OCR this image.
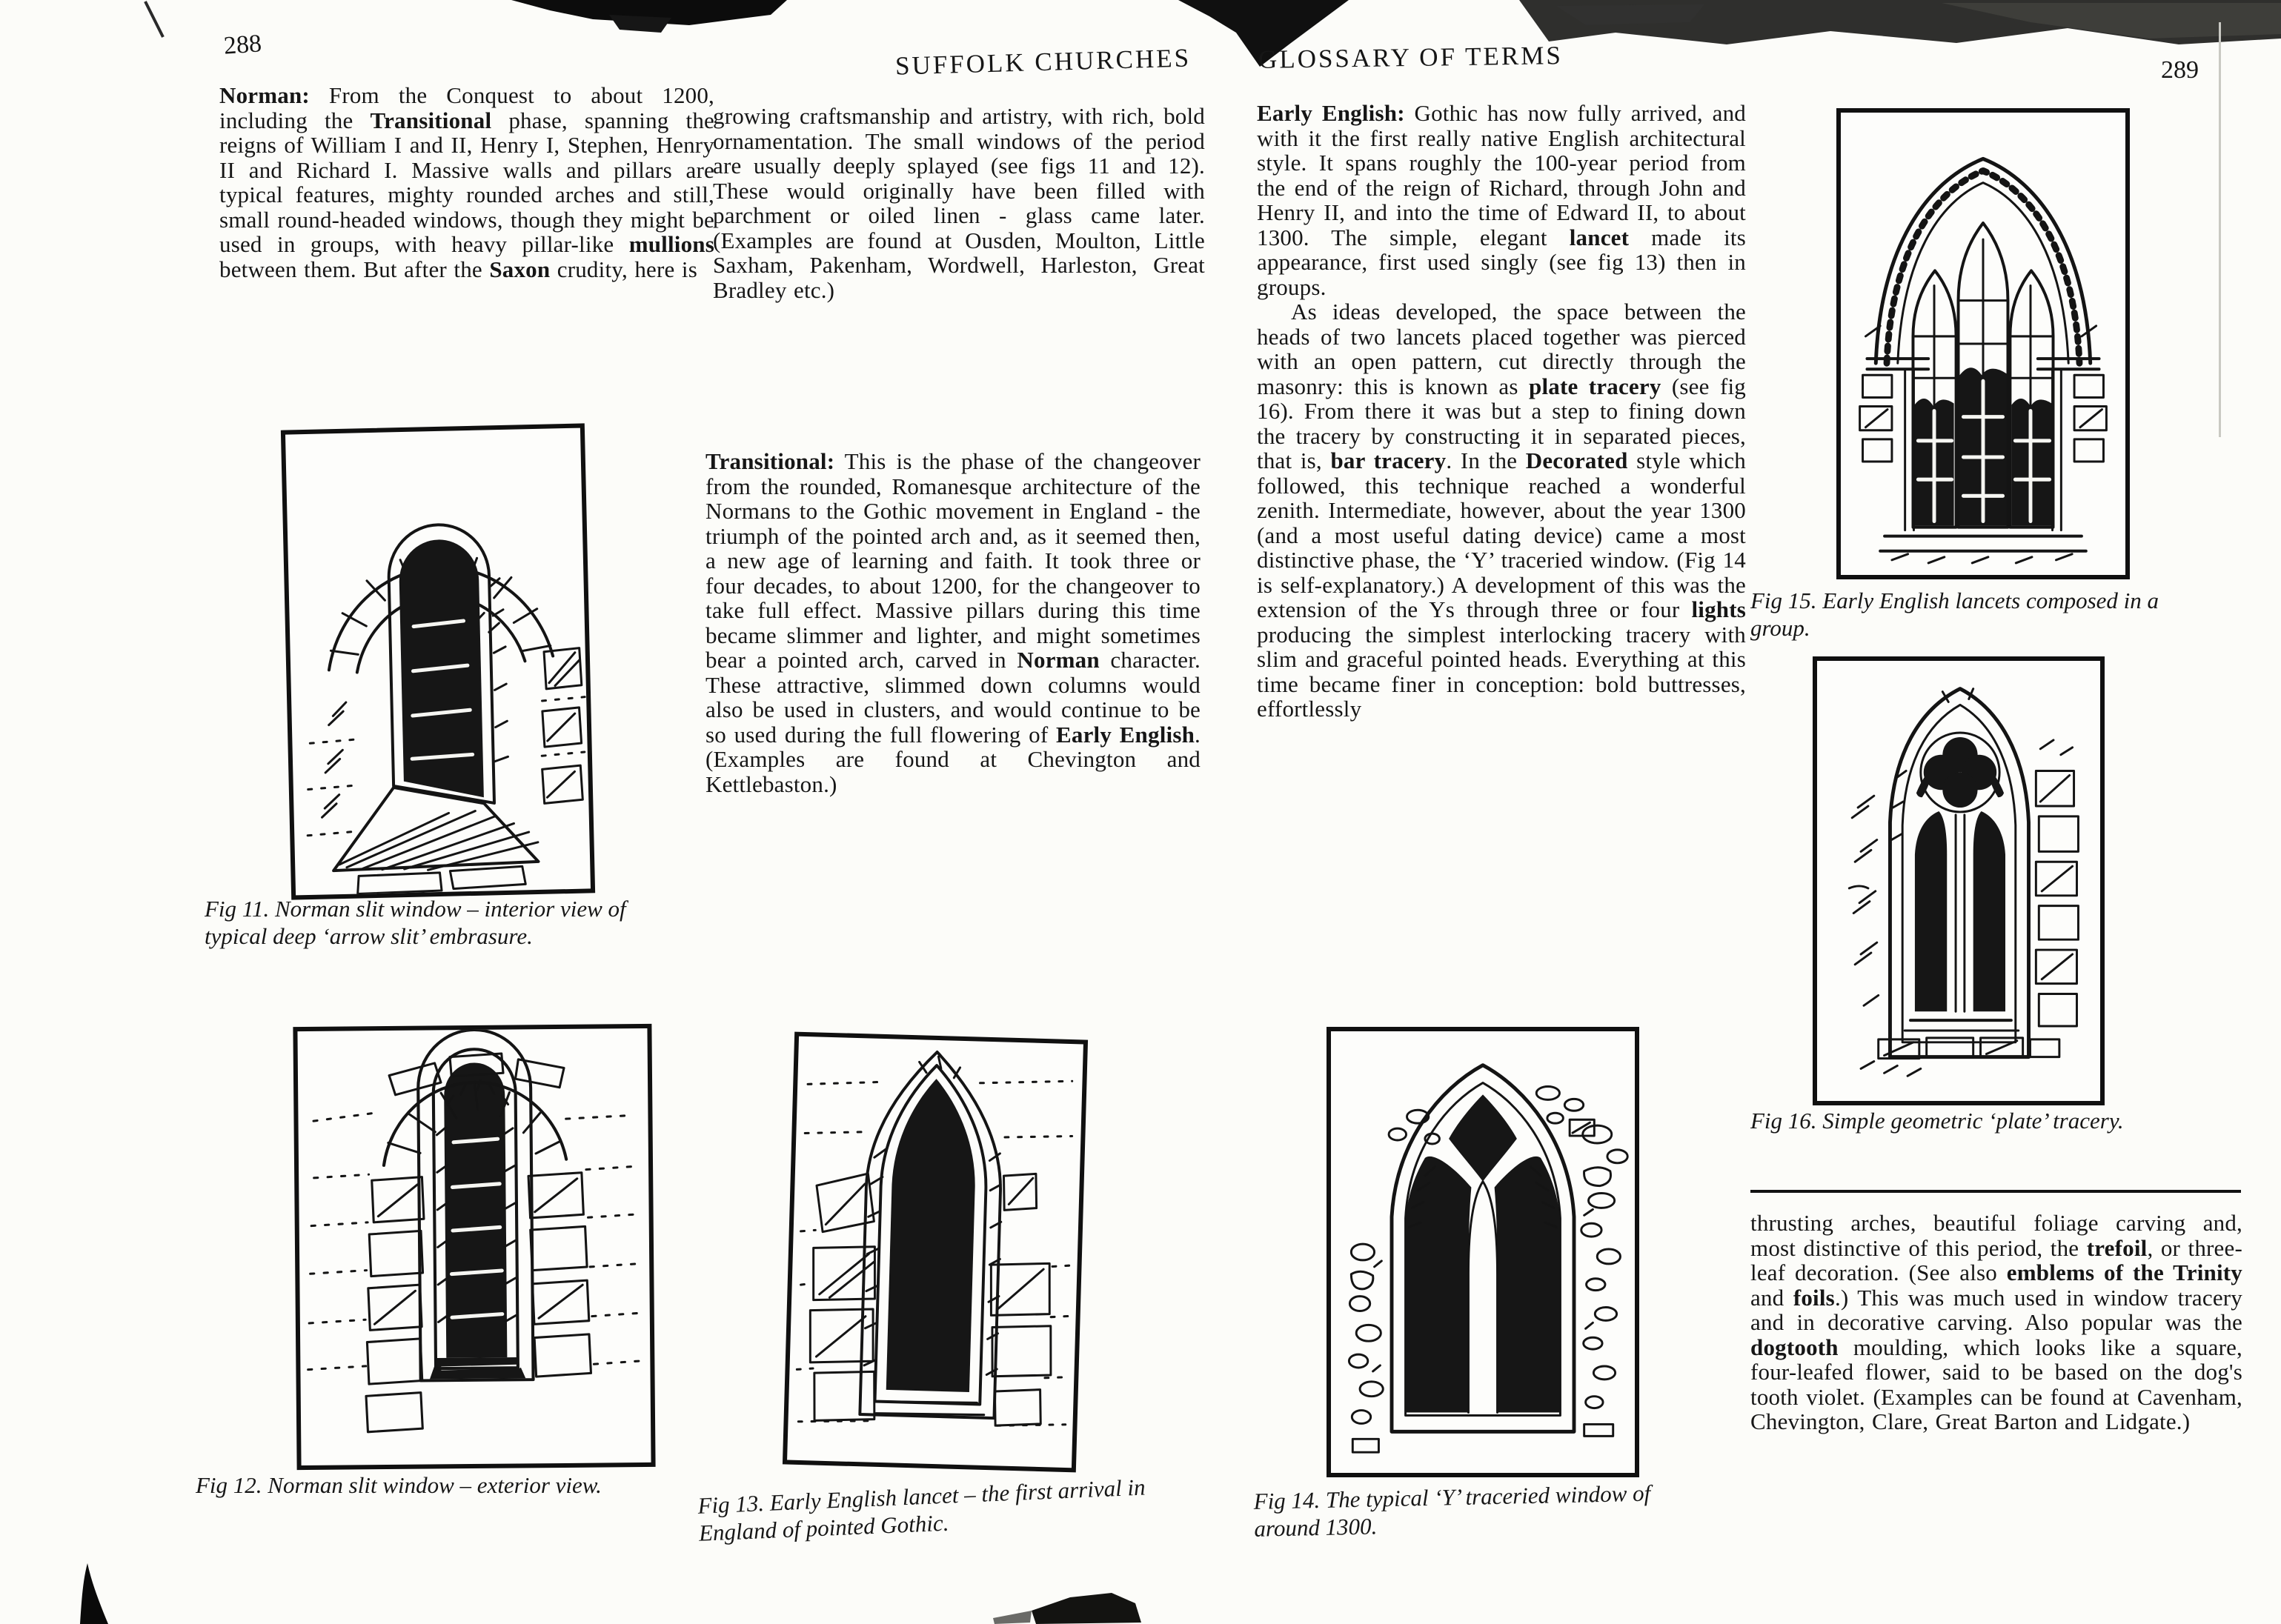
288
289
SUFFOLK CHURCHES	GLOSSARY OF TERMS
Norman: From the Conquest to about 1200, including the Transitional phase, spanning the reigns of William I and II, Henry I, Stephen, Henry II and Richard I. Massive walls and pillars are typical features, mighty rounded arches and still, small round-headed windows, though they might be used in groups, with heavy pillar-like mullions between them. But after the Saxon crudity, here is
Fig 11. Norman slit window – interior view of typical deep ‘arrow slit’ embrasure.
Fig 12. Norman slit window – exterior view.
growing craftsmanship and artistry, with rich, bold ornamentation. The small windows of the period are usually deeply splayed (see figs 11 and 12). These would originally have been filled with parchment or oiled linen - glass came later. (Examples are found at Ousden, Moulton, Little Saxham, Pakenham, Wordwell, Harleston, Great Bradley etc.)
Transitional: This is the phase of the changeover from the rounded, Romanesque architecture of the Normans to the Gothic movement in England - the triumph of the pointed arch and, as it seemed then, a new age of learning and faith. It took three or four decades, to about 1200, for the changeover to take full effect. Massive pillars during this time became slimmer and lighter, and might sometimes bear a pointed arch, carved in Norman character. These attractive, slimmed down columns would also be used in clusters, and would continue to be so used during the full flowering of Early English. (Examples are found at Chevington and Kettlebaston.)
Fig 13. Early English lancet – the first arrival in England of pointed Gothic.
Early English: Gothic has now fully arrived, and with it the first really native English architectural style. It spans roughly the 100-year period from the end of the reign of Richard, through John and Henry II, and into the time of Edward II, to about 1300. The simple, elegant lancet made its appearance, first used singly (see fig 13) then in groups.
As ideas developed, the space between the heads of two lancets placed together was pierced with an open pattern, cut directly through the masonry: this is known as plate tracery (see fig 16). From there it was but a step to fining down the tracery by constructing it in separated pieces, that is, bar tracery. In the Decorated style which followed, this technique reached a wonderful zenith. Intermediate, however, about the year 1300 (and a most useful dating device) came a most distinctive phase, the ‘Y’ traceried window. (Fig 14 is self-explanatory.) A development of this was the extension of the Ys through three or four lights producing the simplest interlocking tracery with slim and graceful pointed heads. Everything at this time became finer in conception: bold buttresses, effortlessly
Fig 14. The typical ‘Y’ traceried window of around 1300.
Fig 15. Early English lancets composed in a group.
Fig 16. Simple geometric ‘plate’ tracery.
thrusting arches, beautiful foliage carving and, most distinctive of this period, the trefoil, or three-leaf decoration. (See also emblems of the Trinity and foils.) This was much used in window tracery and in decorative carving. Also popular was the dogtooth moulding, which looks like a square, four-leafed flower, said to be based on the dog's tooth violet. (Examples can be found at Cavenham, Chevington, Clare, Great Barton and Lidgate.)
